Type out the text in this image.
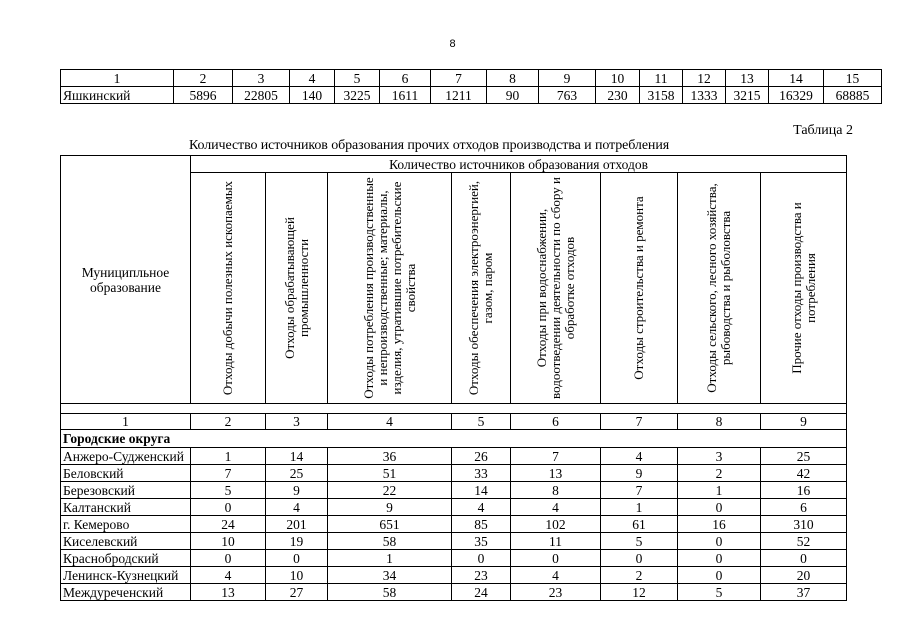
8
1	2	3	4	5	6	7	8	9	10	11	12	13	14	15
Яшкинский	5896	22805	140	3225	1611	1211	90	763	230	3158	1333	3215	16329	68885
Таблица 2
Количество источников образования прочих отходов производства и потребления
Муниципльное образование	Количество источников образования отходов							

	Отходы добычи полезных ископаемых	Отходы обрабатывающей промышленности	Отходы потребления производственные и непроизводственные; материалы, изделия, утратившие потребительские свойства	Отходы обеспечения электроэнергией, газом, паром	Отходы при водоснабжении, водоотведении деятельности по сбору и обработке отходов	Отходы строительства и ремонта	Отходы сельского, лесного хозяйства, рыбоводства и рыболовства	Прочие отходы производства и потребления

1	2	3	4	5	6	7	8	9
Городские округа								
Анжеро-Судженский	1	14	36	26	7	4	3	25
Беловский	7	25	51	33	13	9	2	42
Березовский	5	9	22	14	8	7	1	16
Калтанский	0	4	9	4	4	1	0	6
г. Кемерово	24	201	651	85	102	61	16	310
Киселевский	10	19	58	35	11	5	0	52
Краснобродский	0	0	1	0	0	0	0	0
Ленинск-Кузнецкий	4	10	34	23	4	2	0	20
Междуреченский	13	27	58	24	23	12	5	37
